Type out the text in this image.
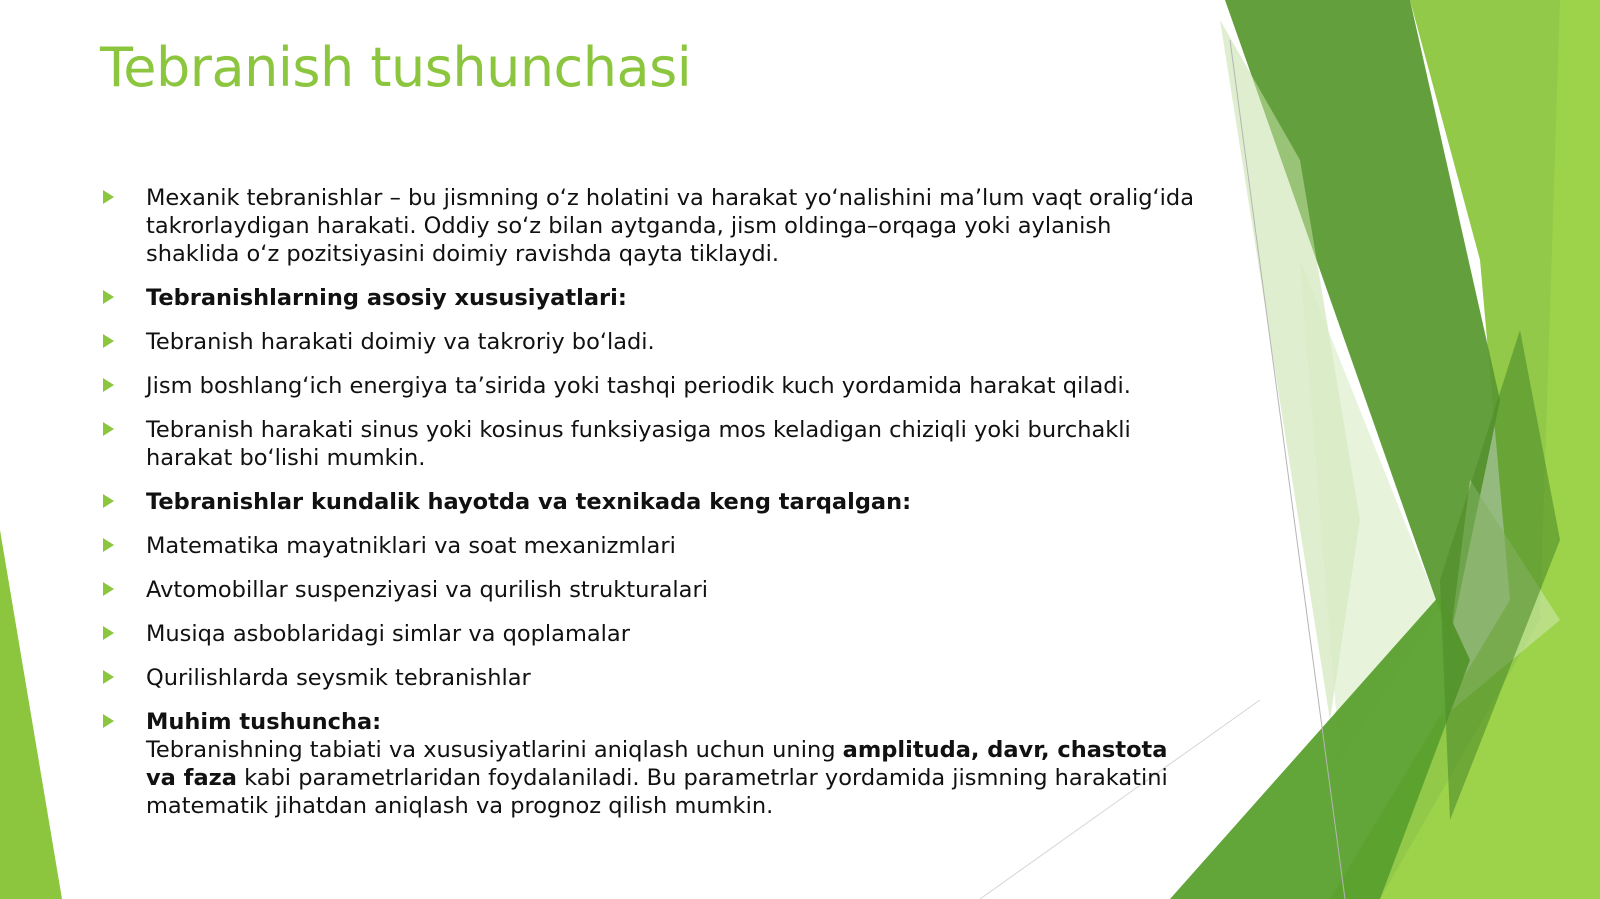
Tebranish tushunchasi
Mexanik tebranishlar – bu jismning o‘z holatini va harakat yo‘nalishini ma’lum vaqt oralig‘ida takrorlaydigan harakati. Oddiy so‘z bilan aytganda, jism oldinga–orqaga yoki aylanish shaklida o‘z pozitsiyasini doimiy ravishda qayta tiklaydi.
Tebranishlarning asosiy xususiyatlari:
Tebranish harakati doimiy va takroriy bo‘ladi.
Jism boshlang‘ich energiya ta’sirida yoki tashqi periodik kuch yordamida harakat qiladi.
Tebranish harakati sinus yoki kosinus funksiyasiga mos keladigan chiziqli yoki burchakli harakat bo‘lishi mumkin.
Tebranishlar kundalik hayotda va texnikada keng tarqalgan:
Matematika mayatniklari va soat mexanizmlari
Avtomobillar suspenziyasi va qurilish strukturalari
Musiqa asboblaridagi simlar va qoplamalar
Qurilishlarda seysmik tebranishlar
Muhim tushuncha:
Tebranishning tabiati va xususiyatlarini aniqlash uchun uning amplituda, davr, chastota va faza kabi parametrlaridan foydalaniladi. Bu parametrlar yordamida jismning harakatini matematik jihatdan aniqlash va prognoz qilish mumkin.
